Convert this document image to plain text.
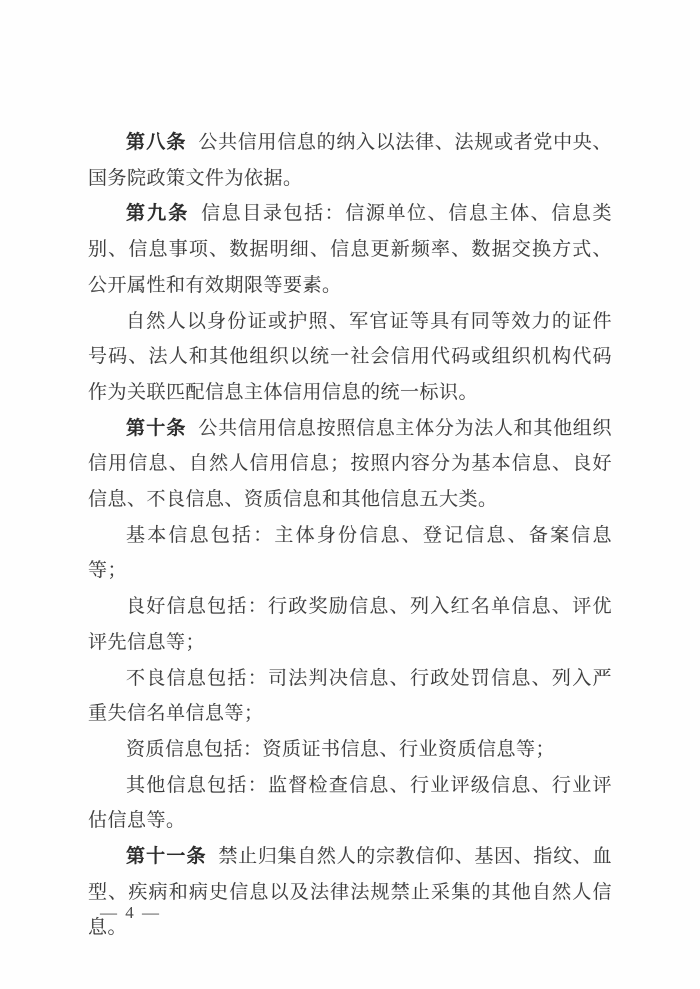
第八条 公共信用信息的纳入以法律、法规或者党中央、国务院政策文件为依据。

第九条 信息目录包括：信源单位、信息主体、信息类别、信息事项、数据明细、信息更新频率、数据交换方式、公开属性和有效期限等要素。

自然人以身份证或护照、军官证等具有同等效力的证件号码、法人和其他组织以统一社会信用代码或组织机构代码作为关联匹配信息主体信用信息的统一标识。

第十条 公共信用信息按照信息主体分为法人和其他组织信用信息、自然人信用信息；按照内容分为基本信息、良好信息、不良信息、资质信息和其他信息五大类。

基本信息包括：主体身份信息、登记信息、备案信息等；

良好信息包括：行政奖励信息、列入红名单信息、评优评先信息等；

不良信息包括：司法判决信息、行政处罚信息、列入严重失信名单信息等；

资质信息包括：资质证书信息、行业资质信息等；

其他信息包括：监督检查信息、行业评级信息、行业评估信息等。

第十一条 禁止归集自然人的宗教信仰、基因、指纹、血型、疾病和病史信息以及法律法规禁止采集的其他自然人信息。

— 4 —
